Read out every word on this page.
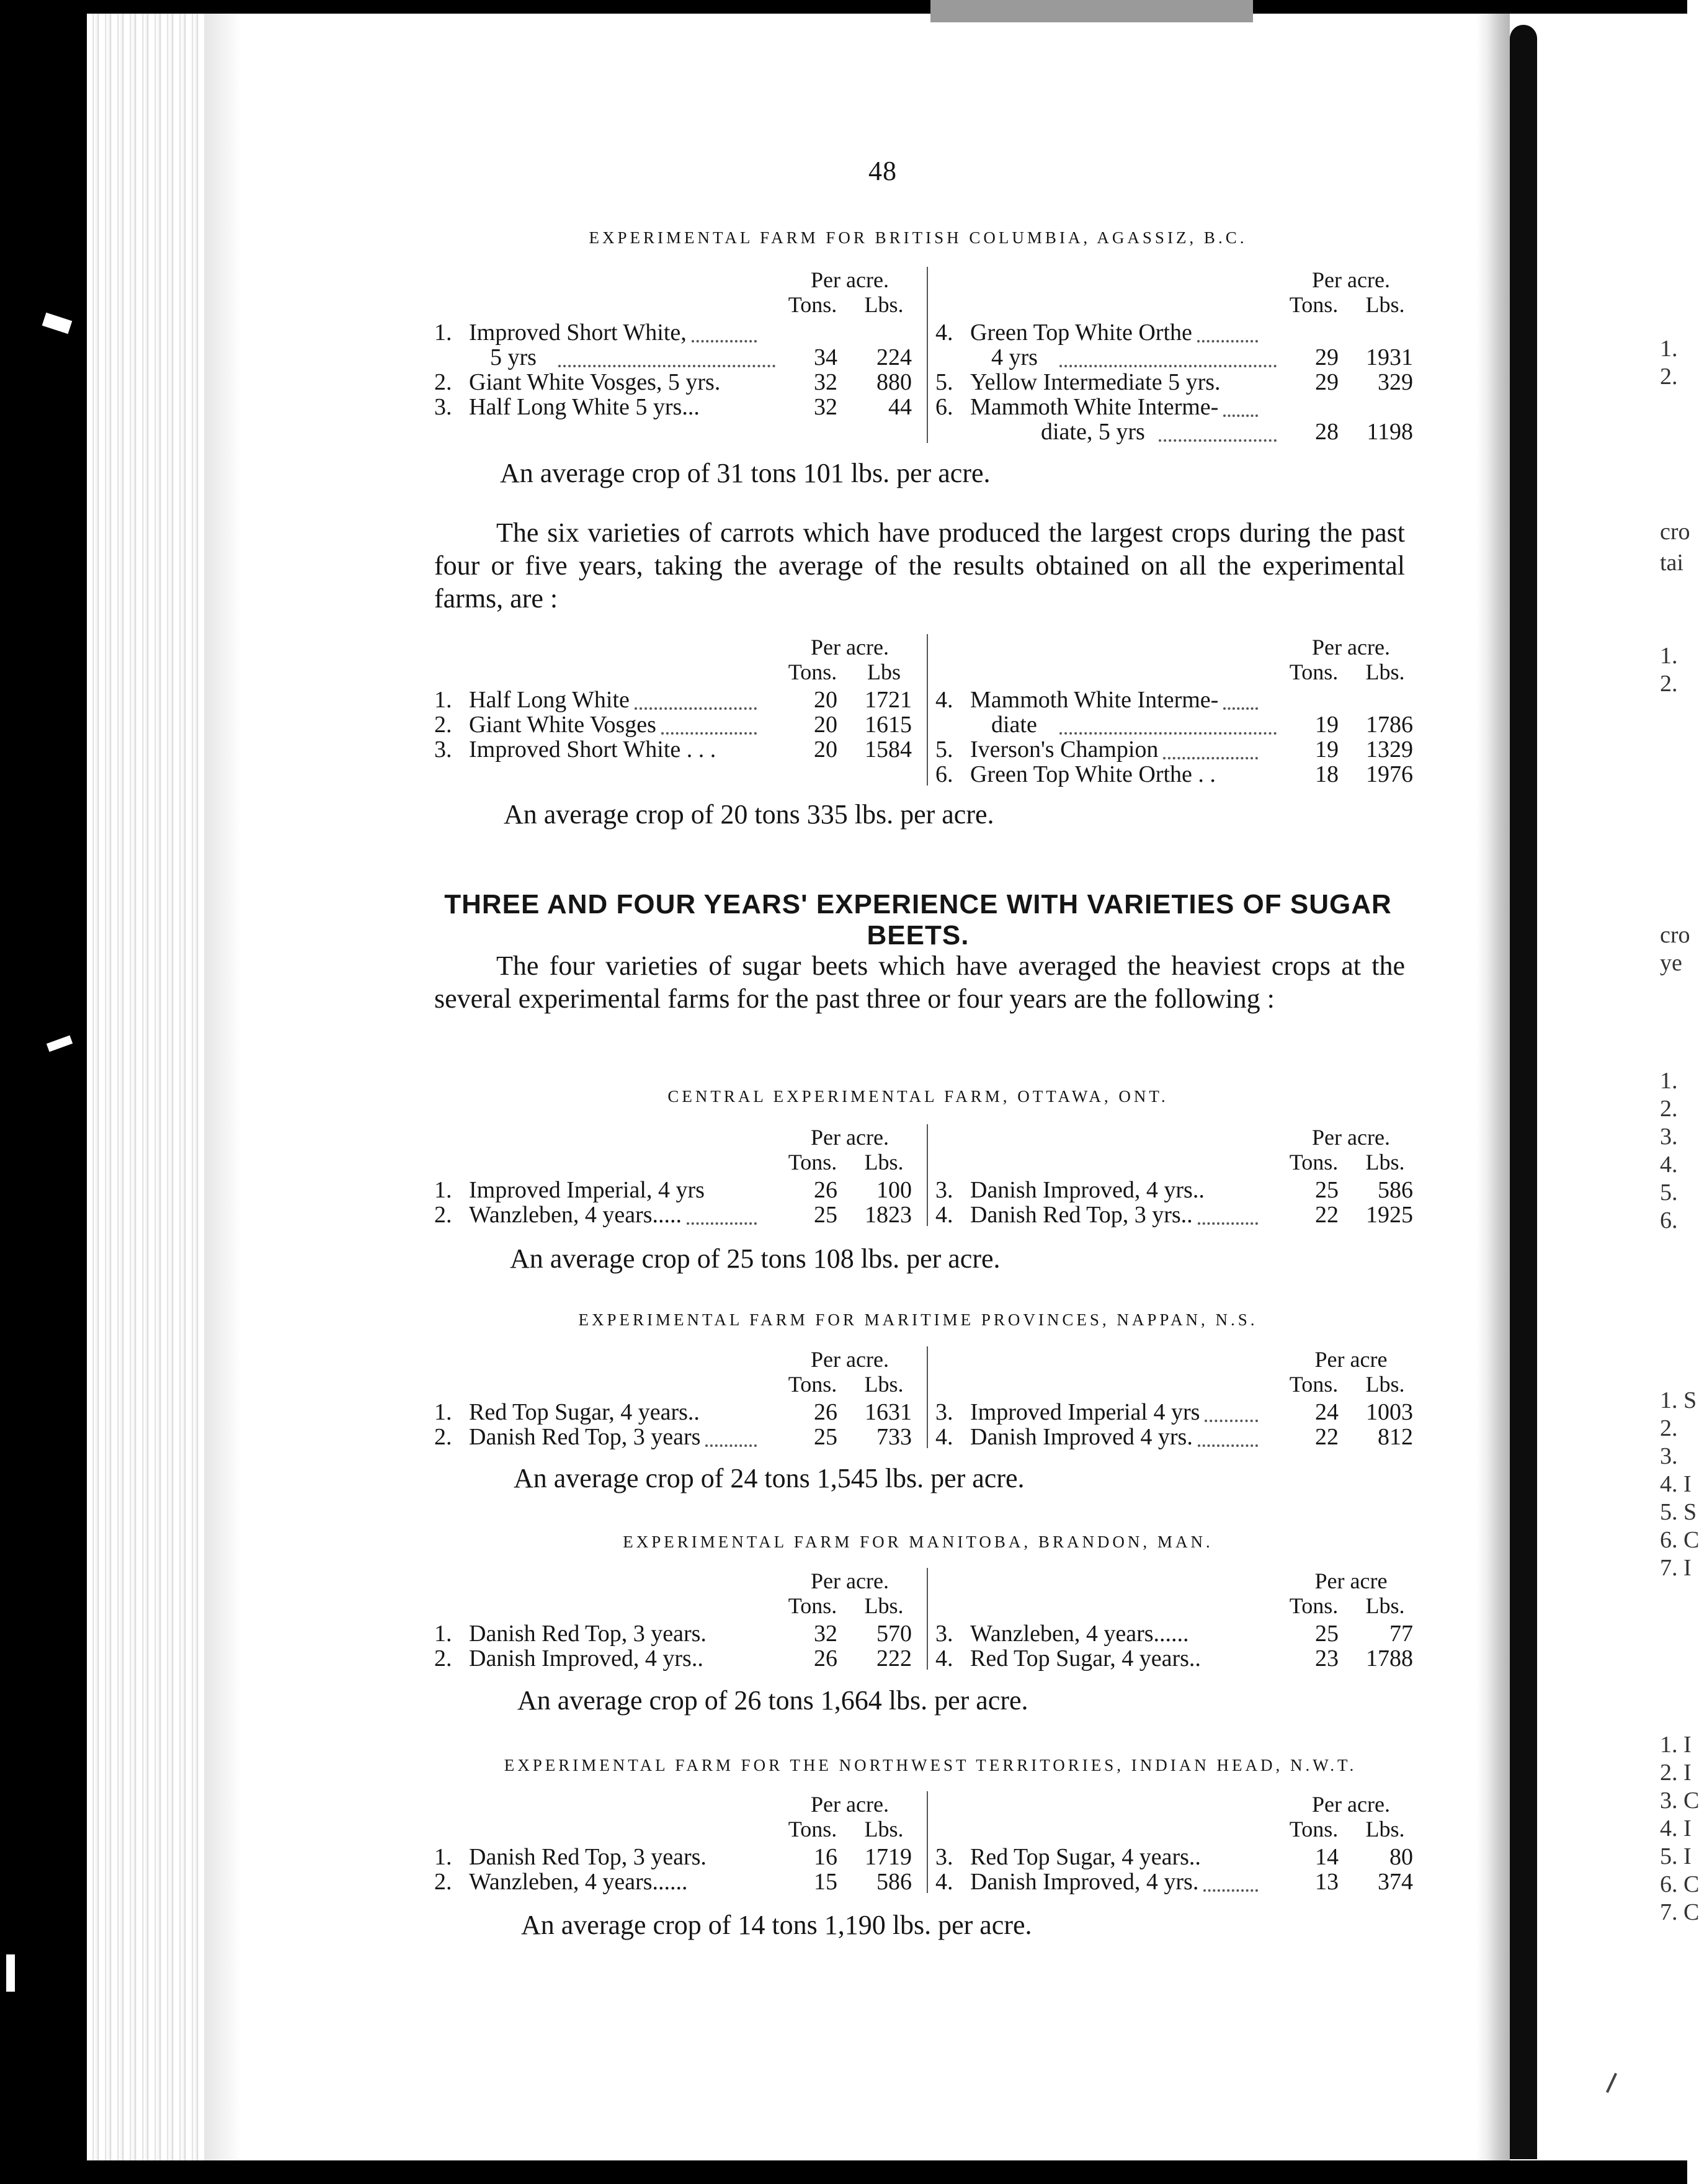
1.
2.
cro
tai
1.
2.
cro
ye
1.
2.
3.
4.
5.
6.
1. S
2.
3.
4. I
5. S
6. C
7. I
1. I
2. I
3. C
4. I
5. I
6. C
7. C
48
EXPERIMENTAL FARM FOR BRITISH COLUMBIA, AGASSIZ, B.C.
Per acre.
Tons.	Lbs.
1. Improved Short White,
5 yrs	34	224
2. Giant White Vosges, 5 yrs.	32	880
3. Half Long White 5 yrs...	32	44
Per acre.
Tons.	Lbs.
4. Green Top White Orthe
4 yrs	29	1931
5. Yellow Intermediate 5 yrs.	29	329
6. Mammoth White Interme-
diate, 5 yrs	28	1198
An average crop of 31 tons 101 lbs. per acre.

The six varieties of carrots which have produced the largest crops during the past four or five years, taking the average of the results obtained on all the experimental farms, are :

Per acre.
Tons.	Lbs
1. Half Long White	20	1721
2. Giant White Vosges	20	1615
3. Improved Short White . . .	20	1584
Per acre.
Tons.	Lbs.
4. Mammoth White Interme-
diate	19	1786
5. Iverson's Champion	19	1329
6. Green Top White Orthe . .	18	1976
An average crop of 20 tons 335 lbs. per acre.
THREE AND FOUR YEARS' EXPERIENCE WITH VARIETIES OF SUGAR BEETS.

The four varieties of sugar beets which have averaged the heaviest crops at the several experimental farms for the past three or four years are the following :

CENTRAL EXPERIMENTAL FARM, OTTAWA, ONT.
Per acre.
Tons.	Lbs.
1. Improved Imperial, 4 yrs	26	100
2. Wanzleben, 4 years.....	25	1823
Per acre.
Tons.	Lbs.
3. Danish Improved, 4 yrs..	25	586
4. Danish Red Top, 3 yrs..	22	1925
An average crop of 25 tons 108 lbs. per acre.
EXPERIMENTAL FARM FOR MARITIME PROVINCES, NAPPAN, N.S.
Per acre.
Tons.	Lbs.
1. Red Top Sugar, 4 years..	26	1631
2. Danish Red Top, 3 years	25	733
Per acre
Tons.	Lbs.
3. Improved Imperial 4 yrs	24	1003
4. Danish Improved 4 yrs.	22	812
An average crop of 24 tons 1,545 lbs. per acre.
EXPERIMENTAL FARM FOR MANITOBA, BRANDON, MAN.
Per acre.
Tons.	Lbs.
1. Danish Red Top, 3 years.	32	570
2. Danish Improved, 4 yrs..	26	222
Per acre
Tons.	Lbs.
3. Wanzleben, 4 years......	25	77
4. Red Top Sugar, 4 years..	23	1788
An average crop of 26 tons 1,664 lbs. per acre.
EXPERIMENTAL FARM FOR THE NORTHWEST TERRITORIES, INDIAN HEAD, N.W.T.
Per acre.
Tons.	Lbs.
1. Danish Red Top, 3 years.	16	1719
2. Wanzleben, 4 years......	15	586
Per acre.
Tons.	Lbs.
3. Red Top Sugar, 4 years..	14	80
4. Danish Improved, 4 yrs.	13	374
An average crop of 14 tons 1,190 lbs. per acre.
